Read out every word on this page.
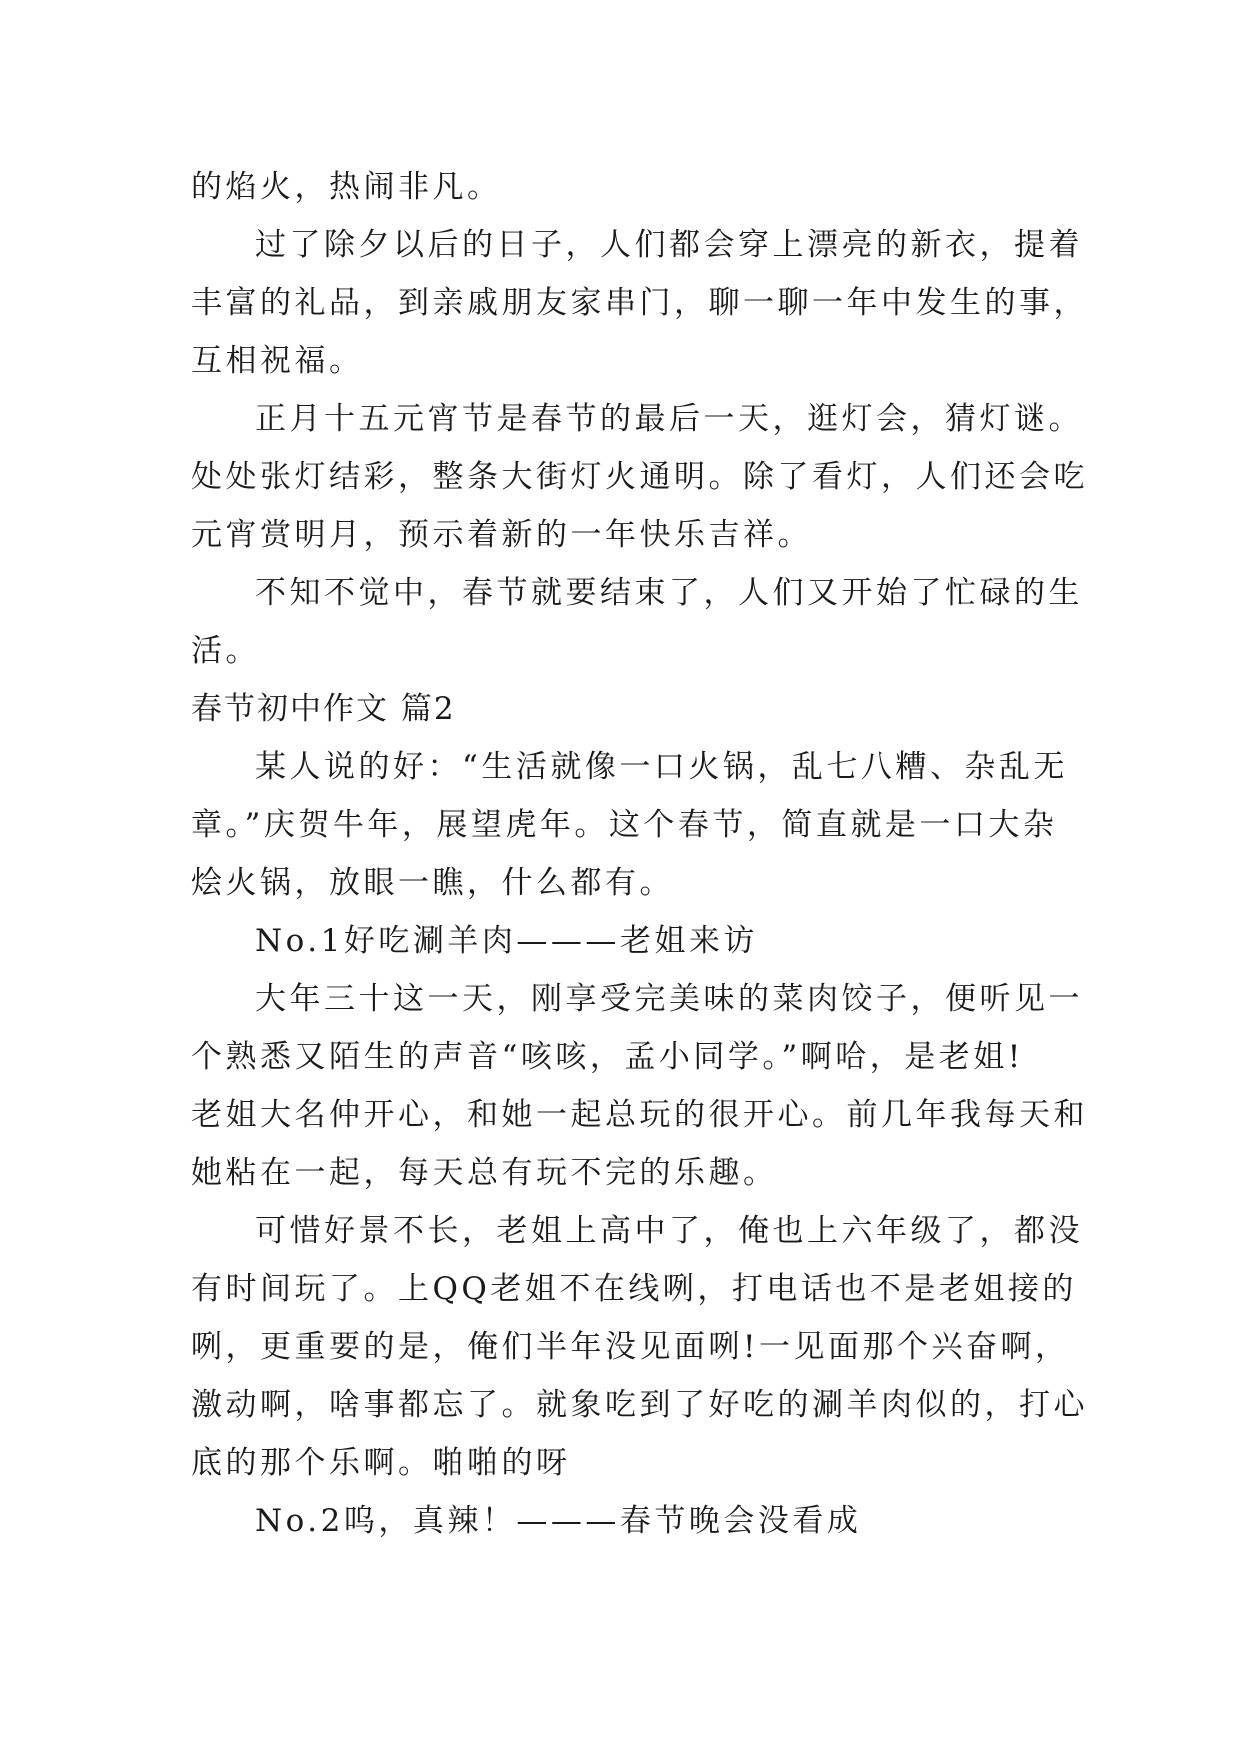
的焰火，热闹非凡。

过了除夕以后的日子，人们都会穿上漂亮的新衣，提着

丰富的礼品，到亲戚朋友家串门，聊一聊一年中发生的事，

互相祝福。

正月十五元宵节是春节的最后一天，逛灯会，猜灯谜。

处处张灯结彩，整条大街灯火通明。除了看灯，人们还会吃

元宵赏明月，预示着新的一年快乐吉祥。

不知不觉中，春节就要结束了，人们又开始了忙碌的生

活。

春节初中作文 篇2

某人说的好：“生活就像一口火锅，乱七八糟、杂乱无

章。”庆贺牛年，展望虎年。这个春节，简直就是一口大杂

烩火锅，放眼一瞧，什么都有。

No.1好吃涮羊肉———老姐来访

大年三十这一天，刚享受完美味的菜肉饺子，便听见一

个熟悉又陌生的声音“咳咳，孟小同学。”啊哈，是老姐!

老姐大名仲开心，和她一起总玩的很开心。前几年我每天和

她粘在一起，每天总有玩不完的乐趣。

可惜好景不长，老姐上高中了，俺也上六年级了，都没

有时间玩了。上QQ老姐不在线咧，打电话也不是老姐接的

咧，更重要的是，俺们半年没见面咧!一见面那个兴奋啊，

激动啊，啥事都忘了。就象吃到了好吃的涮羊肉似的，打心

底的那个乐啊。啪啪的呀

No.2呜，真辣！———春节晚会没看成
